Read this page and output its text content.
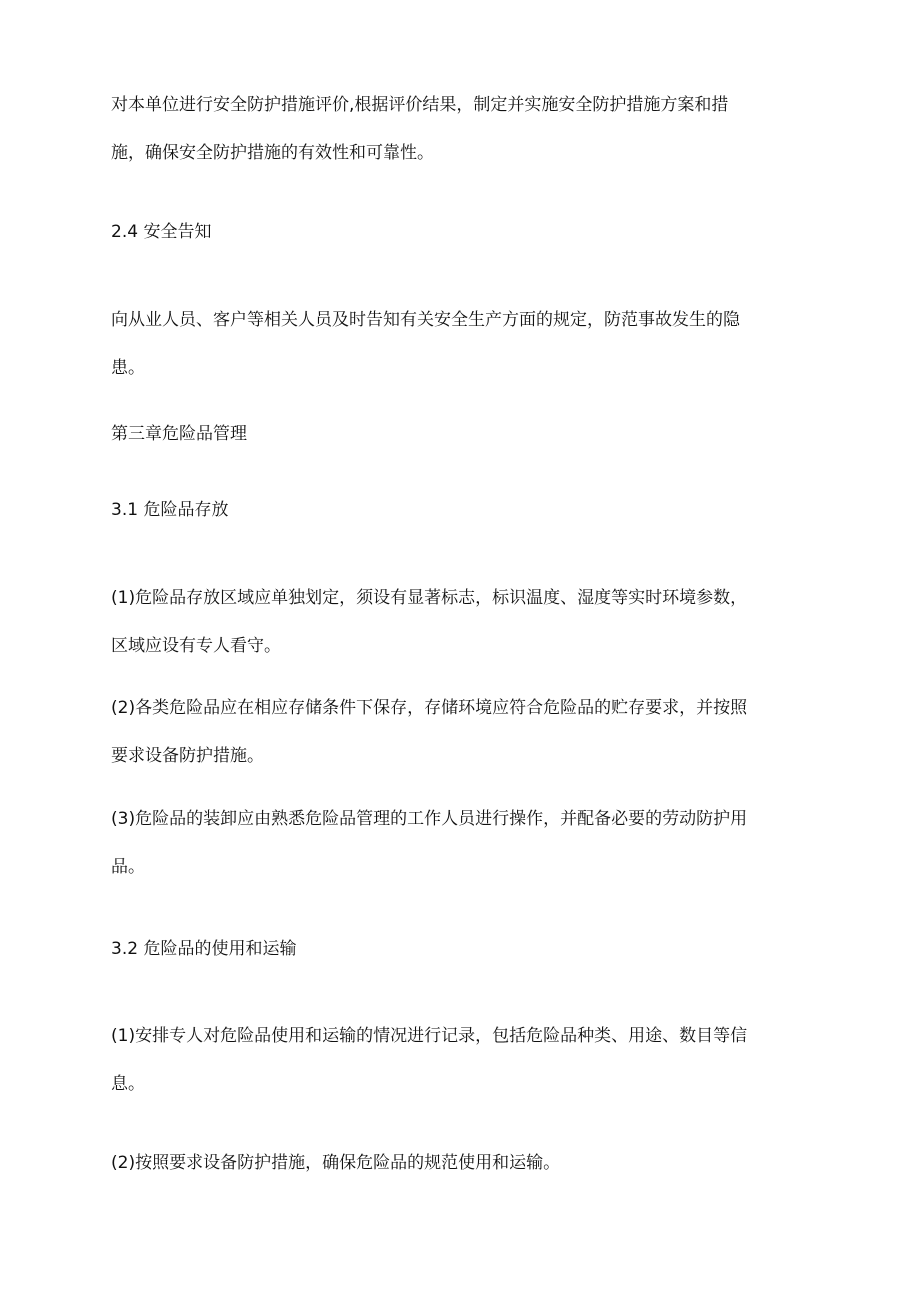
对本单位进行安全防护措施评价,根据评价结果，制定并实施安全防护措施方案和措
施，确保安全防护措施的有效性和可靠性。
2.4 安全告知
向从业人员、客户等相关人员及时告知有关安全生产方面的规定，防范事故发生的隐
患。
第三章危险品管理
3.1 危险品存放
(1)危险品存放区域应单独划定，须设有显著标志，标识温度、湿度等实时环境参数，
区域应设有专人看守。
(2)各类危险品应在相应存储条件下保存，存储环境应符合危险品的贮存要求，并按照
要求设备防护措施。
(3)危险品的装卸应由熟悉危险品管理的工作人员进行操作，并配备必要的劳动防护用
品。
3.2 危险品的使用和运输
(1)安排专人对危险品使用和运输的情况进行记录，包括危险品种类、用途、数目等信
息。
(2)按照要求设备防护措施，确保危险品的规范使用和运输。
